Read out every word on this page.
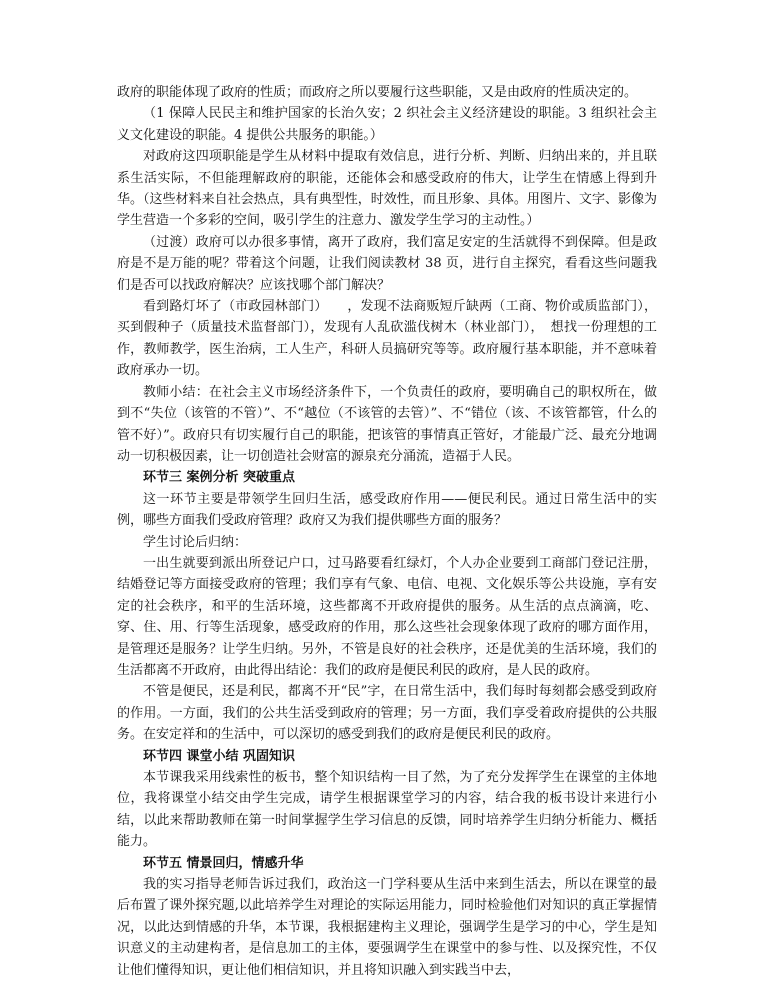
政府的职能体现了政府的性质；而政府之所以要履行这些职能，又是由政府的性质决定的。

（1 保障人民民主和维护国家的长治久安；2 织社会主义经济建设的职能。3 组织社会主义文化建设的职能。4 提供公共服务的职能。）

对政府这四项职能是学生从材料中提取有效信息，进行分析、判断、归纳出来的，并且联系生活实际，不但能理解政府的职能，还能体会和感受政府的伟大，让学生在情感上得到升华。（这些材料来自社会热点，具有典型性，时效性，而且形象、具体。用图片、文字、影像为学生营造一个多彩的空间，吸引学生的注意力、激发学生学习的主动性。）

（过渡）政府可以办很多事情，离开了政府，我们富足安定的生活就得不到保障。但是政府是不是万能的呢？带着这个问题，让我们阅读教材 38 页，进行自主探究，看看这些问题我们是否可以找政府解决？应该找哪个部门解决？

看到路灯坏了（市政园林部门）　　，发现不法商贩短斤缺两（工商、物价或质监部门），买到假种子（质量技术监督部门），发现有人乱砍滥伐树木（林业部门），　想找一份理想的工作，教师教学，医生治病，工人生产，科研人员搞研究等等。政府履行基本职能，并不意味着政府承办一切。

教师小结：在社会主义市场经济条件下，一个负责任的政府，要明确自己的职权所在，做到不“失位（该管的不管）”、不“越位（不该管的去管）”、不“错位（该、不该管都管，什么的管不好）”。政府只有切实履行自己的职能，把该管的事情真正管好，才能最广泛、最充分地调动一切积极因素，让一切创造社会财富的源泉充分涌流，造福于人民。

环节三 案例分析 突破重点

这一环节主要是带领学生回归生活，感受政府作用——便民利民。通过日常生活中的实例，哪些方面我们受政府管理？政府又为我们提供哪些方面的服务？

学生讨论后归纳：

一出生就要到派出所登记户口，过马路要看红绿灯，个人办企业要到工商部门登记注册，结婚登记等方面接受政府的管理；我们享有气象、电信、电视、文化娱乐等公共设施，享有安定的社会秩序，和平的生活环境，这些都离不开政府提供的服务。从生活的点点滴滴，吃、穿、住、用、行等生活现象，感受政府的作用，那么这些社会现象体现了政府的哪方面作用，是管理还是服务？让学生归纳。另外，不管是良好的社会秩序，还是优美的生活环境，我们的生活都离不开政府，由此得出结论：我们的政府是便民利民的政府，是人民的政府。

不管是便民，还是利民，都离不开“民”字，在日常生活中，我们每时每刻都会感受到政府的作用。一方面，我们的公共生活受到政府的管理；另一方面，我们享受着政府提供的公共服务。在安定祥和的生活中，可以深切的感受到我们的政府是便民利民的政府。

环节四 课堂小结 巩固知识

本节课我采用线索性的板书，整个知识结构一目了然，为了充分发挥学生在课堂的主体地位，我将课堂小结交由学生完成，请学生根据课堂学习的内容，结合我的板书设计来进行小结，以此来帮助教师在第一时间掌握学生学习信息的反馈，同时培养学生归纳分析能力、概括能力。

环节五 情景回归，情感升华

我的实习指导老师告诉过我们，政治这一门学科要从生活中来到生活去，所以在课堂的最后布置了课外探究题,以此培养学生对理论的实际运用能力，同时检验他们对知识的真正掌握情况，以此达到情感的升华，本节课，我根据建构主义理论，强调学生是学习的中心，学生是知识意义的主动建构者，是信息加工的主体，要强调学生在课堂中的参与性、以及探究性，不仅让他们懂得知识，更让他们相信知识，并且将知识融入到实践当中去，
